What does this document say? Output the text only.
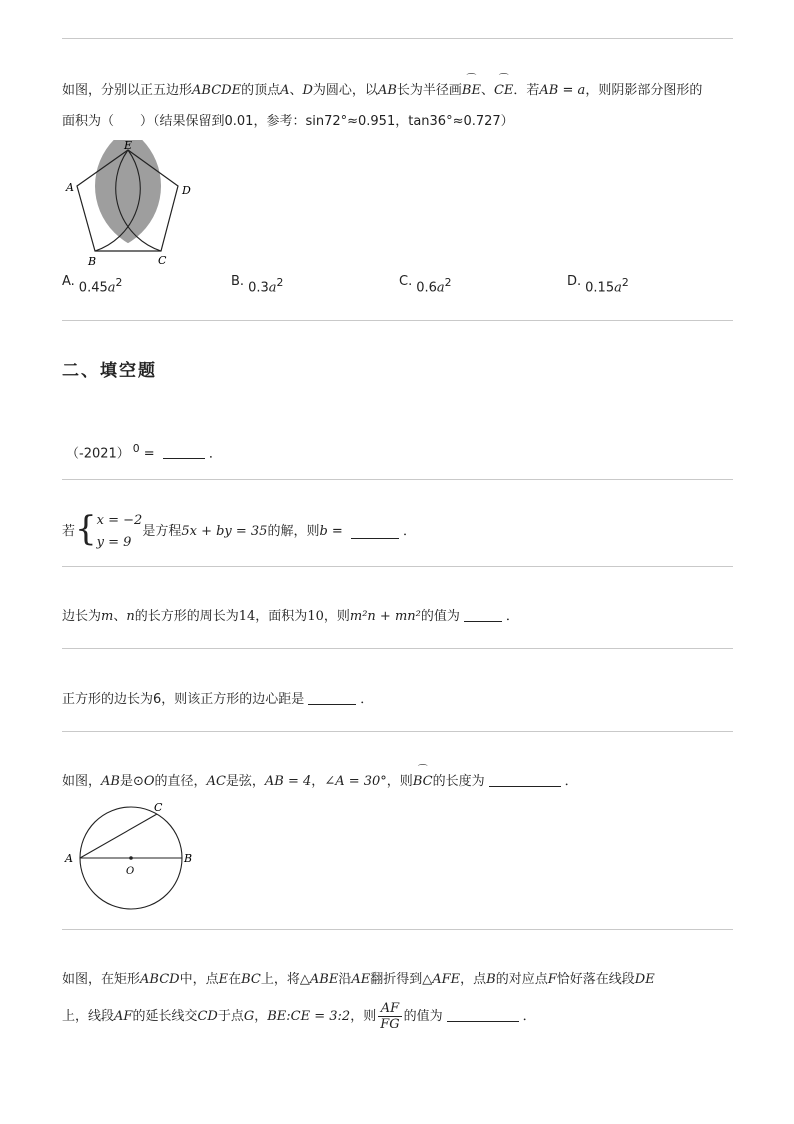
如图，分别以正五边形ABCDE的顶点A、D为圆心，以AB长为半径画⌒ BE、⌒ CE．若AB = a，则阴影部分图形的
面积为（　　）（结果保留到0.01，参考：sin72°≈0.951，tan36°≈0.727）
E
A	D
B	C
A. $0.45a^2$	B. $0.3a^2$	C. $0.6a^2$	D. $0.15a^2$
二、填空题
（-2021） $^0$ =	．
若{ x = −2
y = 9
是方程5x + by = 35的解，则b =	．
边长为m、n的长方形的周长为14，面积为10，则m²n + mn²的值为	．
正方形的边长为6，则该正方形的边心距是	．
如图，AB是⊙O的直径，AC是弦，AB = 4，∠A = 30°，则⌒ BC的长度为	．
A	B
C
O
如图，在矩形ABCD中，点E在BC上，将△ABE沿AE翻折得到△AFE，点B的对应点F恰好落在线段DE
上，线段AF的延长线交CD于点G，BE:CE = 3:2，则 $\frac{AF}{FG}$ 的值为	．
